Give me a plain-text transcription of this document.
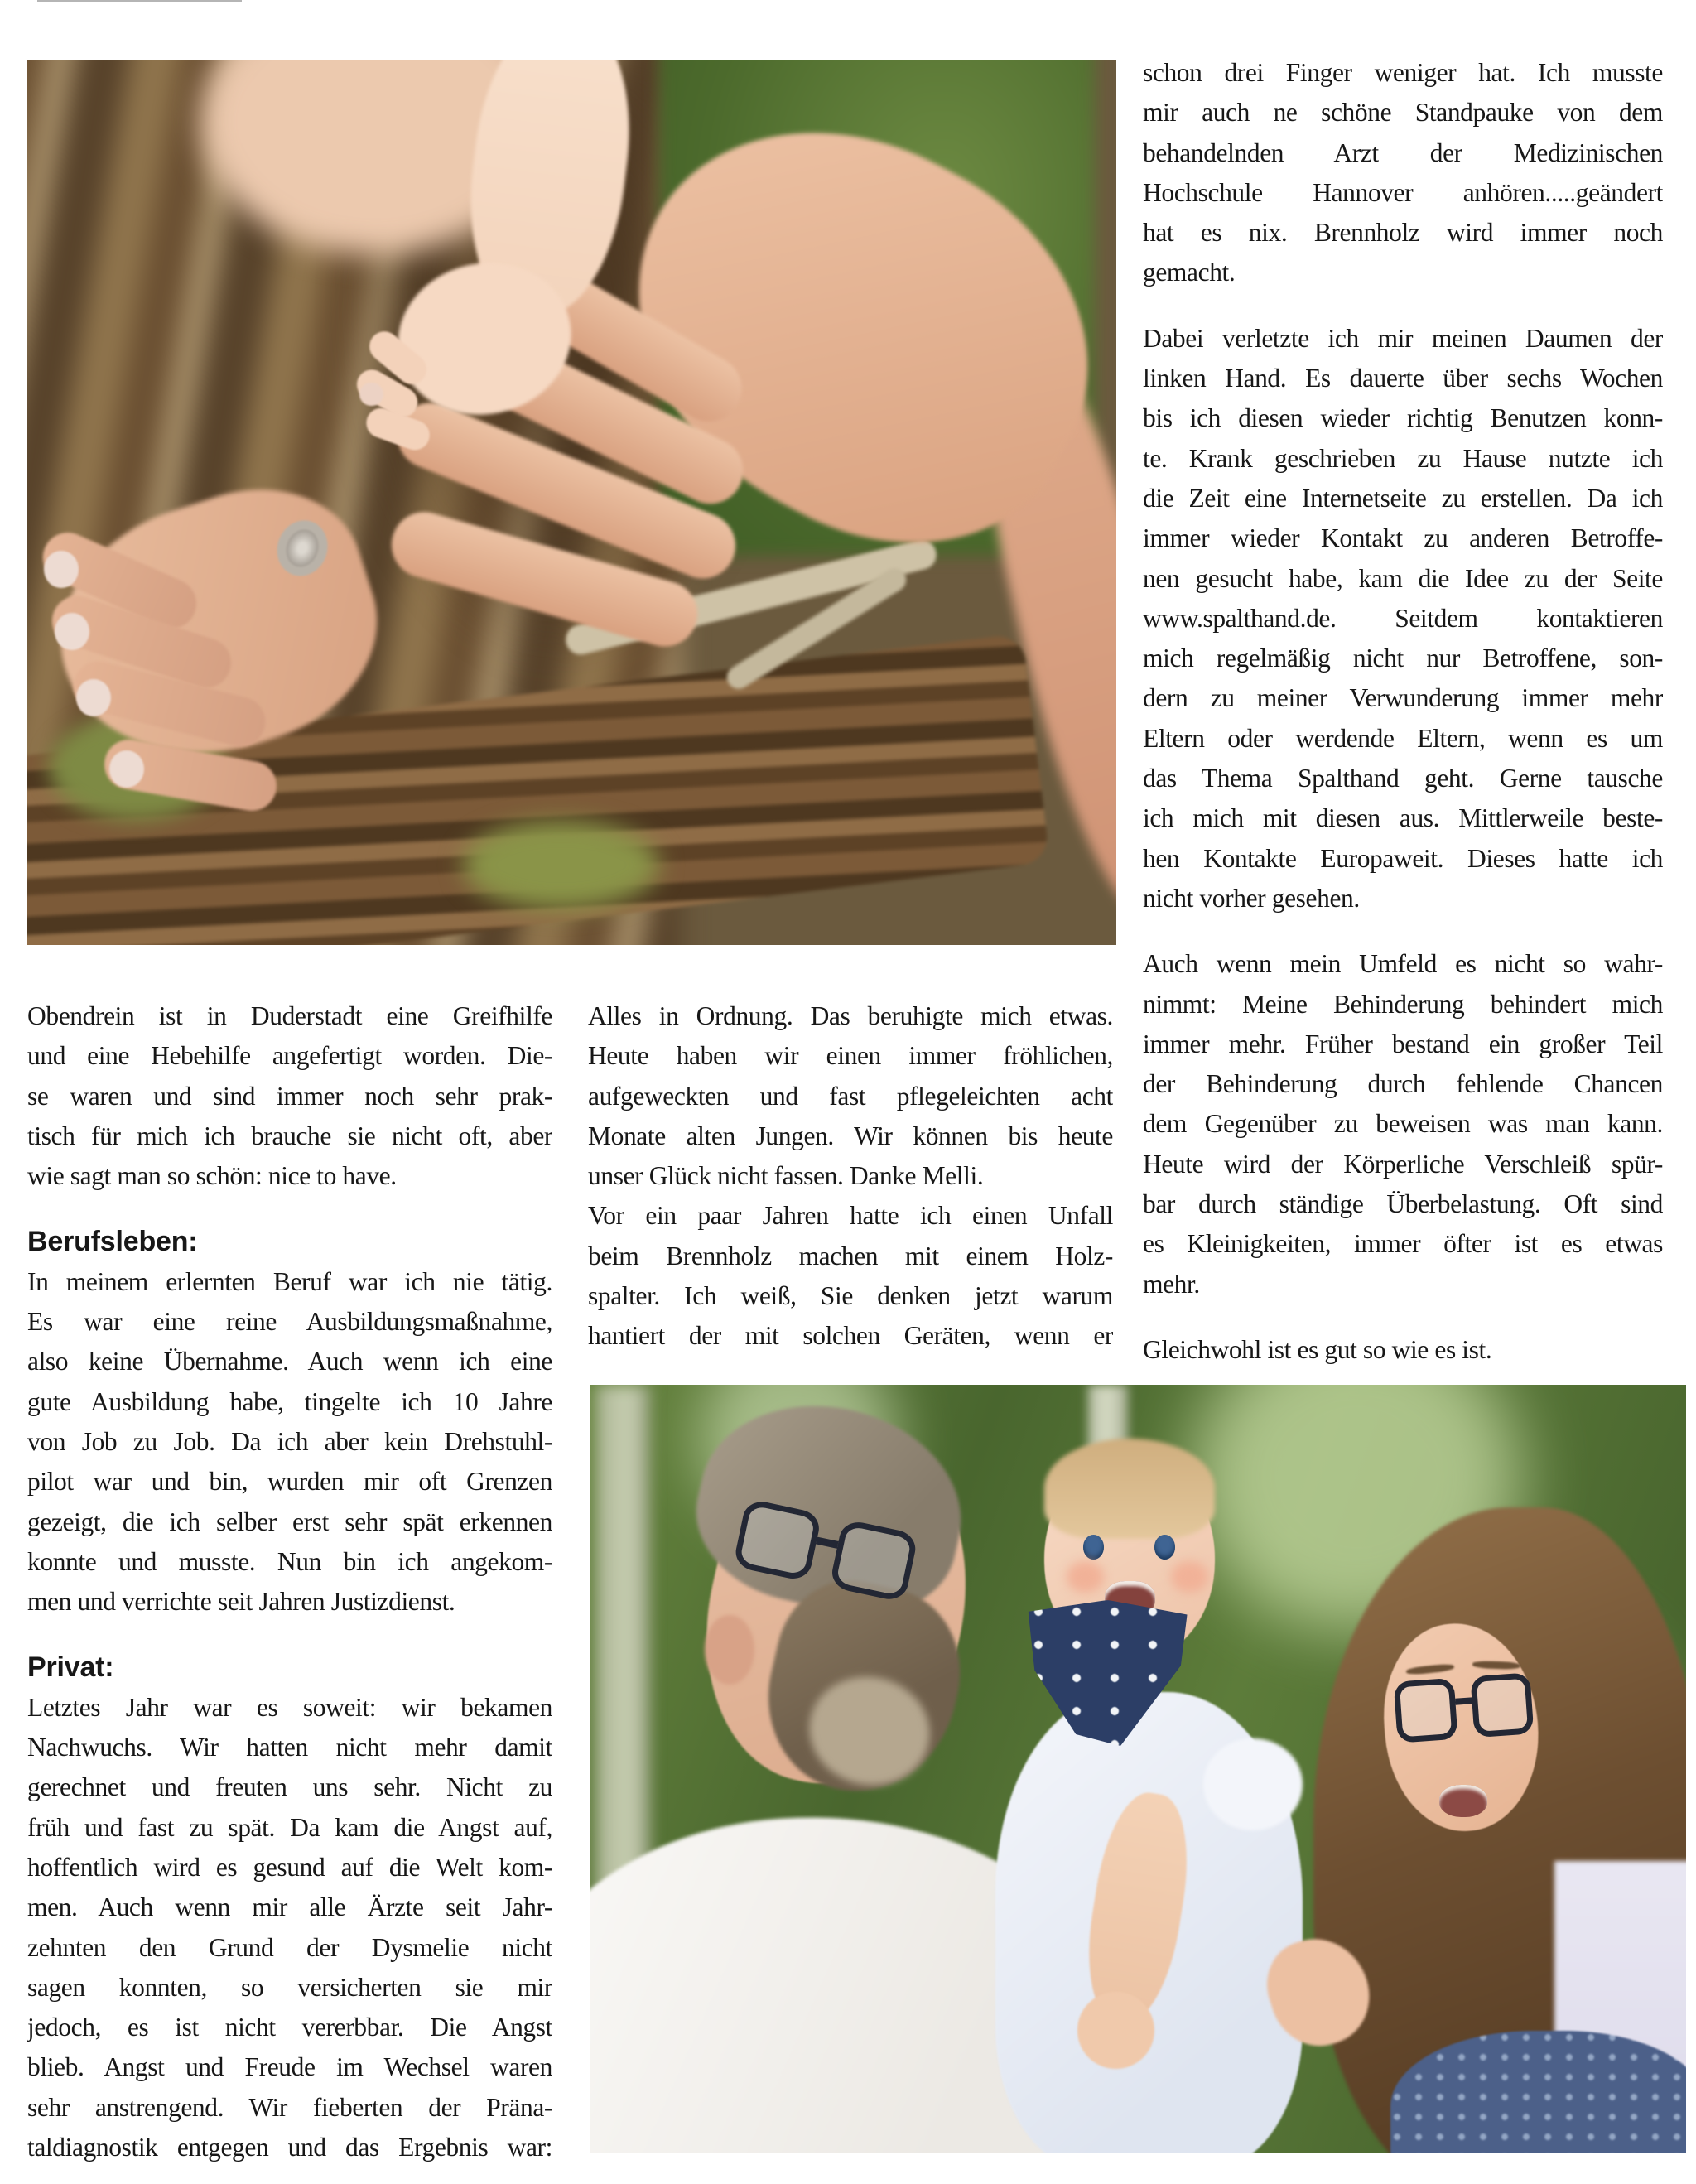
Obendrein ist in Duderstadt eine Greifhilfe
und eine Hebehilfe angefertigt worden. Die-
se waren und sind immer noch sehr prak-
tisch für mich ich brauche sie nicht oft, aber
wie sagt man so schön: nice to have.
Berufsleben:
In meinem erlernten Beruf war ich nie tätig.
Es war eine reine Ausbildungsmaßnahme,
also keine Übernahme. Auch wenn ich eine
gute Ausbildung habe, tingelte ich 10 Jahre
von Job zu Job. Da ich aber kein Drehstuhl-
pilot war und bin, wurden mir oft Grenzen
gezeigt, die ich selber erst sehr spät erkennen
konnte und musste. Nun bin ich angekom-
men und verrichte seit Jahren Justizdienst.
Privat:
Letztes Jahr war es soweit: wir bekamen
Nachwuchs. Wir hatten nicht mehr damit
gerechnet und freuten uns sehr. Nicht zu
früh und fast zu spät. Da kam die Angst auf,
hoffentlich wird es gesund auf die Welt kom-
men. Auch wenn mir alle Ärzte seit Jahr-
zehnten den Grund der Dysmelie nicht
sagen konnten, so versicherten sie mir
jedoch, es ist nicht vererbbar. Die Angst
blieb. Angst und Freude im Wechsel waren
sehr anstrengend. Wir fieberten der Präna-
taldiagnostik entgegen und das Ergebnis war:
Alles in Ordnung. Das beruhigte mich etwas.
Heute haben wir einen immer fröhlichen,
aufgeweckten und fast pflegeleichten acht
Monate alten Jungen. Wir können bis heute
unser Glück nicht fassen. Danke Melli.
Vor ein paar Jahren hatte ich einen Unfall
beim Brennholz machen mit einem Holz-
spalter. Ich weiß, Sie denken jetzt warum
hantiert der mit solchen Geräten, wenn er
schon drei Finger weniger hat. Ich musste
mir auch ne schöne Standpauke von dem
behandelnden Arzt der Medizinischen
Hochschule Hannover anhören.....geändert
hat es nix. Brennholz wird immer noch
gemacht.
Dabei verletzte ich mir meinen Daumen der
linken Hand. Es dauerte über sechs Wochen
bis ich diesen wieder richtig Benutzen konn-
te. Krank geschrieben zu Hause nutzte ich
die Zeit eine Internetseite zu erstellen. Da ich
immer wieder Kontakt zu anderen Betroffe-
nen gesucht habe, kam die Idee zu der Seite
www.spalthand.de. Seitdem kontaktieren
mich regelmäßig nicht nur Betroffene, son-
dern zu meiner Verwunderung immer mehr
Eltern oder werdende Eltern, wenn es um
das Thema Spalthand geht. Gerne tausche
ich mich mit diesen aus. Mittlerweile beste-
hen Kontakte Europaweit. Dieses hatte ich
nicht vorher gesehen.
Auch wenn mein Umfeld es nicht so wahr-
nimmt: Meine Behinderung behindert mich
immer mehr. Früher bestand ein großer Teil
der Behinderung durch fehlende Chancen
dem Gegenüber zu beweisen was man kann.
Heute wird der Körperliche Verschleiß spür-
bar durch ständige Überbelastung. Oft sind
es Kleinigkeiten, immer öfter ist es etwas
mehr.
Gleichwohl ist es gut so wie es ist.
